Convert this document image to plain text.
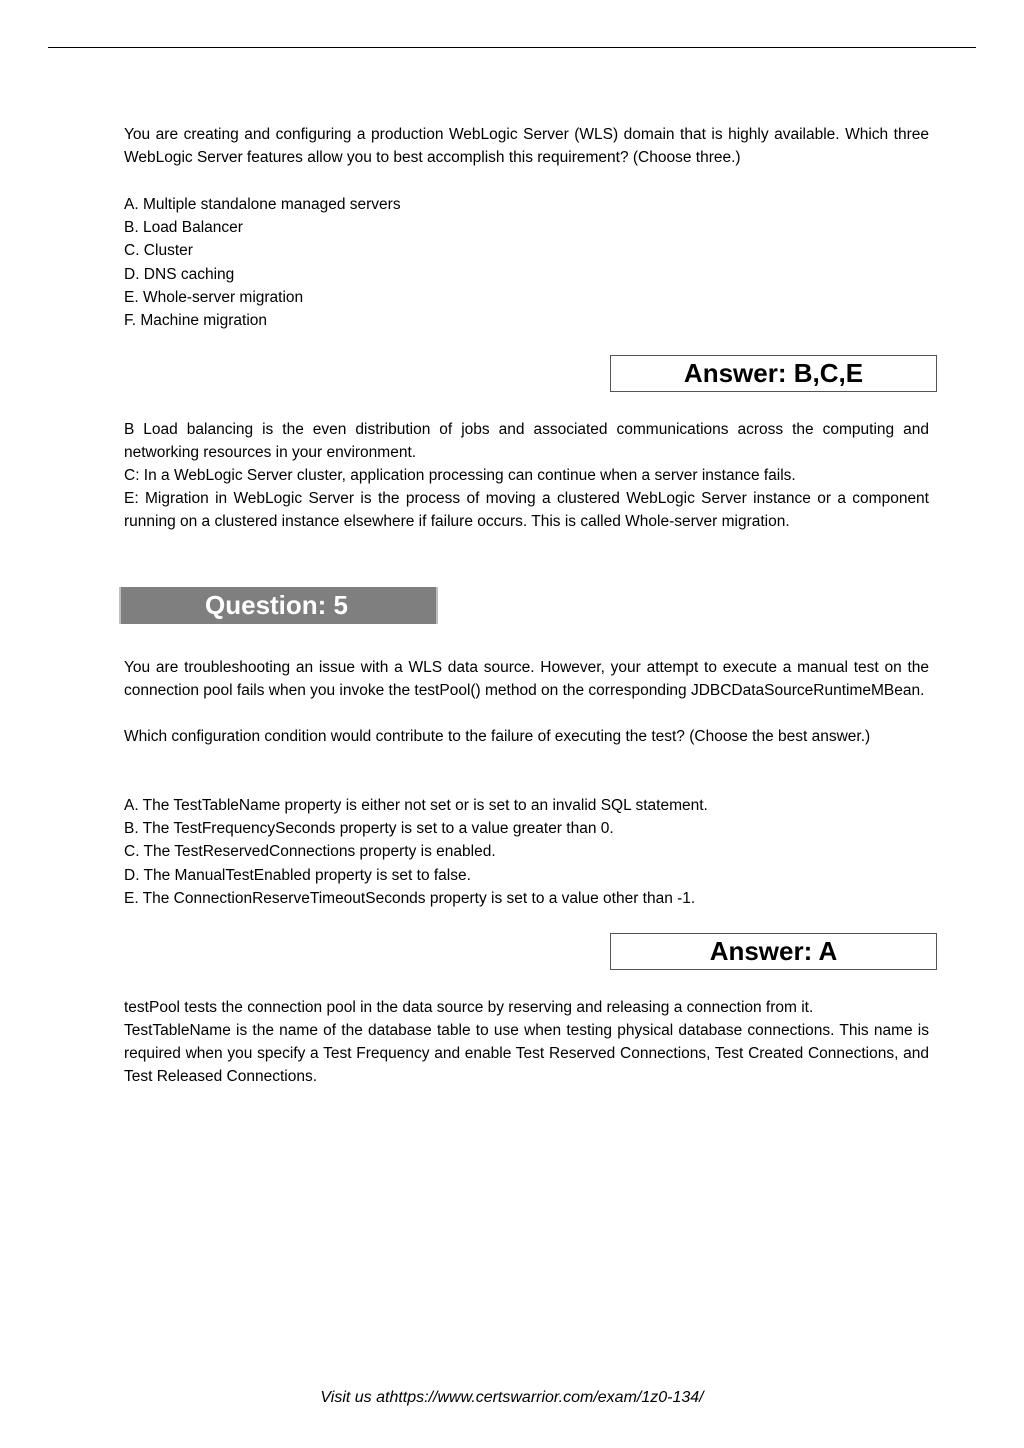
You are creating and configuring a production WebLogic Server (WLS) domain that is highly available. Which three WebLogic Server features allow you to best accomplish this requirement? (Choose three.)

A. Multiple standalone managed servers
B. Load Balancer
C. Cluster
D. DNS caching
E. Whole-server migration
F. Machine migration
Answer: B,C,E

B Load balancing is the even distribution of jobs and associated communications across the computing and networking resources in your environment.

C: In a WebLogic Server cluster, application processing can continue when a server instance fails.

E: Migration in WebLogic Server is the process of moving a clustered WebLogic Server instance or a component running on a clustered instance elsewhere if failure occurs. This is called Whole-server migration.

Question: 5

You are troubleshooting an issue with a WLS data source. However, your attempt to execute a manual test on the connection pool fails when you invoke the testPool() method on the corresponding JDBCDataSourceRuntimeMBean.

Which configuration condition would contribute to the failure of executing the test? (Choose the best answer.)

A. The TestTableName property is either not set or is set to an invalid SQL statement.
B. The TestFrequencySeconds property is set to a value greater than 0.
C. The TestReservedConnections property is enabled.
D. The ManualTestEnabled property is set to false.
E. The ConnectionReserveTimeoutSeconds property is set to a value other than -1.
Answer: A

testPool tests the connection pool in the data source by reserving and releasing a connection from it.

TestTableName is the name of the database table to use when testing physical database connections. This name is required when you specify a Test Frequency and enable Test Reserved Connections, Test Created Connections, and Test Released Connections.

Visit us athttps://www.certswarrior.com/exam/1z0-134/
